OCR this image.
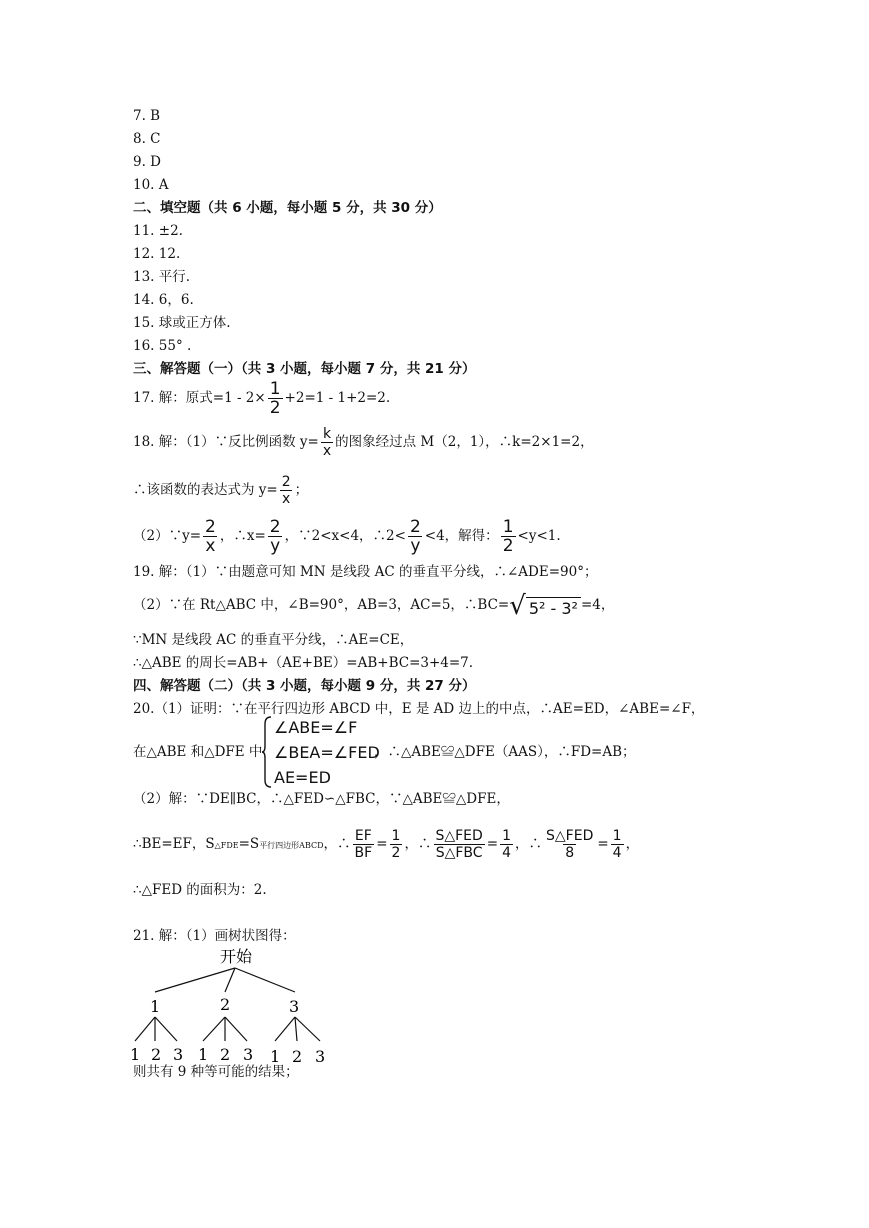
7. B
8. C
9. D
10. A
二、填空题（共 6 小题，每小题 5 分，共 30 分）
11. ±2.
12. 12.
13. 平行.
14. 6，6.
15. 球或正方体.
16. 55° .
三、解答题（一）（共 3 小题，每小题 7 分，共 21 分）
17. 解：原式$=1 - 2\times \frac{1}{2} +2=1 - 1+2=2$.
18. 解：（1）∵反比例函数 $y= \frac{k}{x}$ 的图象经过点 M（2，1），∴k=2×1=2，
∴该函数的表达式为 $y= \frac{2}{x}$ ；
（2）∵y= $\frac{2}{x}$ ，∴x= $\frac{2}{y}$ ，∵2<x<4，∴2< $\frac{2}{y} <4$，解得： $\frac{1}{2} <y<1$.
19. 解：（1）∵由题意可知 MN 是线段 AC 的垂直平分线，∴∠ADE=90°；
（2）∵在 Rt△ABC 中，∠B=90°，AB=3，AC=5，∴BC= √ 5² - 3² =4，
∵MN 是线段 AC 的垂直平分线，∴AE=CE，
∴△ABE 的周长=AB+（AE+BE）=AB+BC=3+4=7.
四、解答题（二）（共 3 小题，每小题 9 分，共 27 分）
20.（1）证明：∵在平行四边形 ABCD 中，E 是 AD 边上的中点，∴AE=ED，∠ABE=∠F，
在△ABE 和△DFE 中
∠ABE=∠F
∠BEA=∠FED
AE=ED
，∴△ABE≌△DFE（AAS），∴FD=AB；
（2）解：∵DE∥BC，∴△FED∽△FBC，∵△ABE≌△DFE，
∴BE=EF，S△FDE=S平行四边形ABCD，∴ $\frac{EF}{BF} = \frac{1}{2}$ ，∴ $\frac{\text{S△FED}}{\text{S△FBC}} = \frac{1}{4}$ ，∴ $\frac{\text{S△FED}}{8} = \frac{1}{4}$ ，
∴△FED 的面积为：2.
21. 解：（1）画树状图得：
开始
1	2	3
1 2 3 1 2 3 1 2 3
则共有 9 种等可能的结果；
